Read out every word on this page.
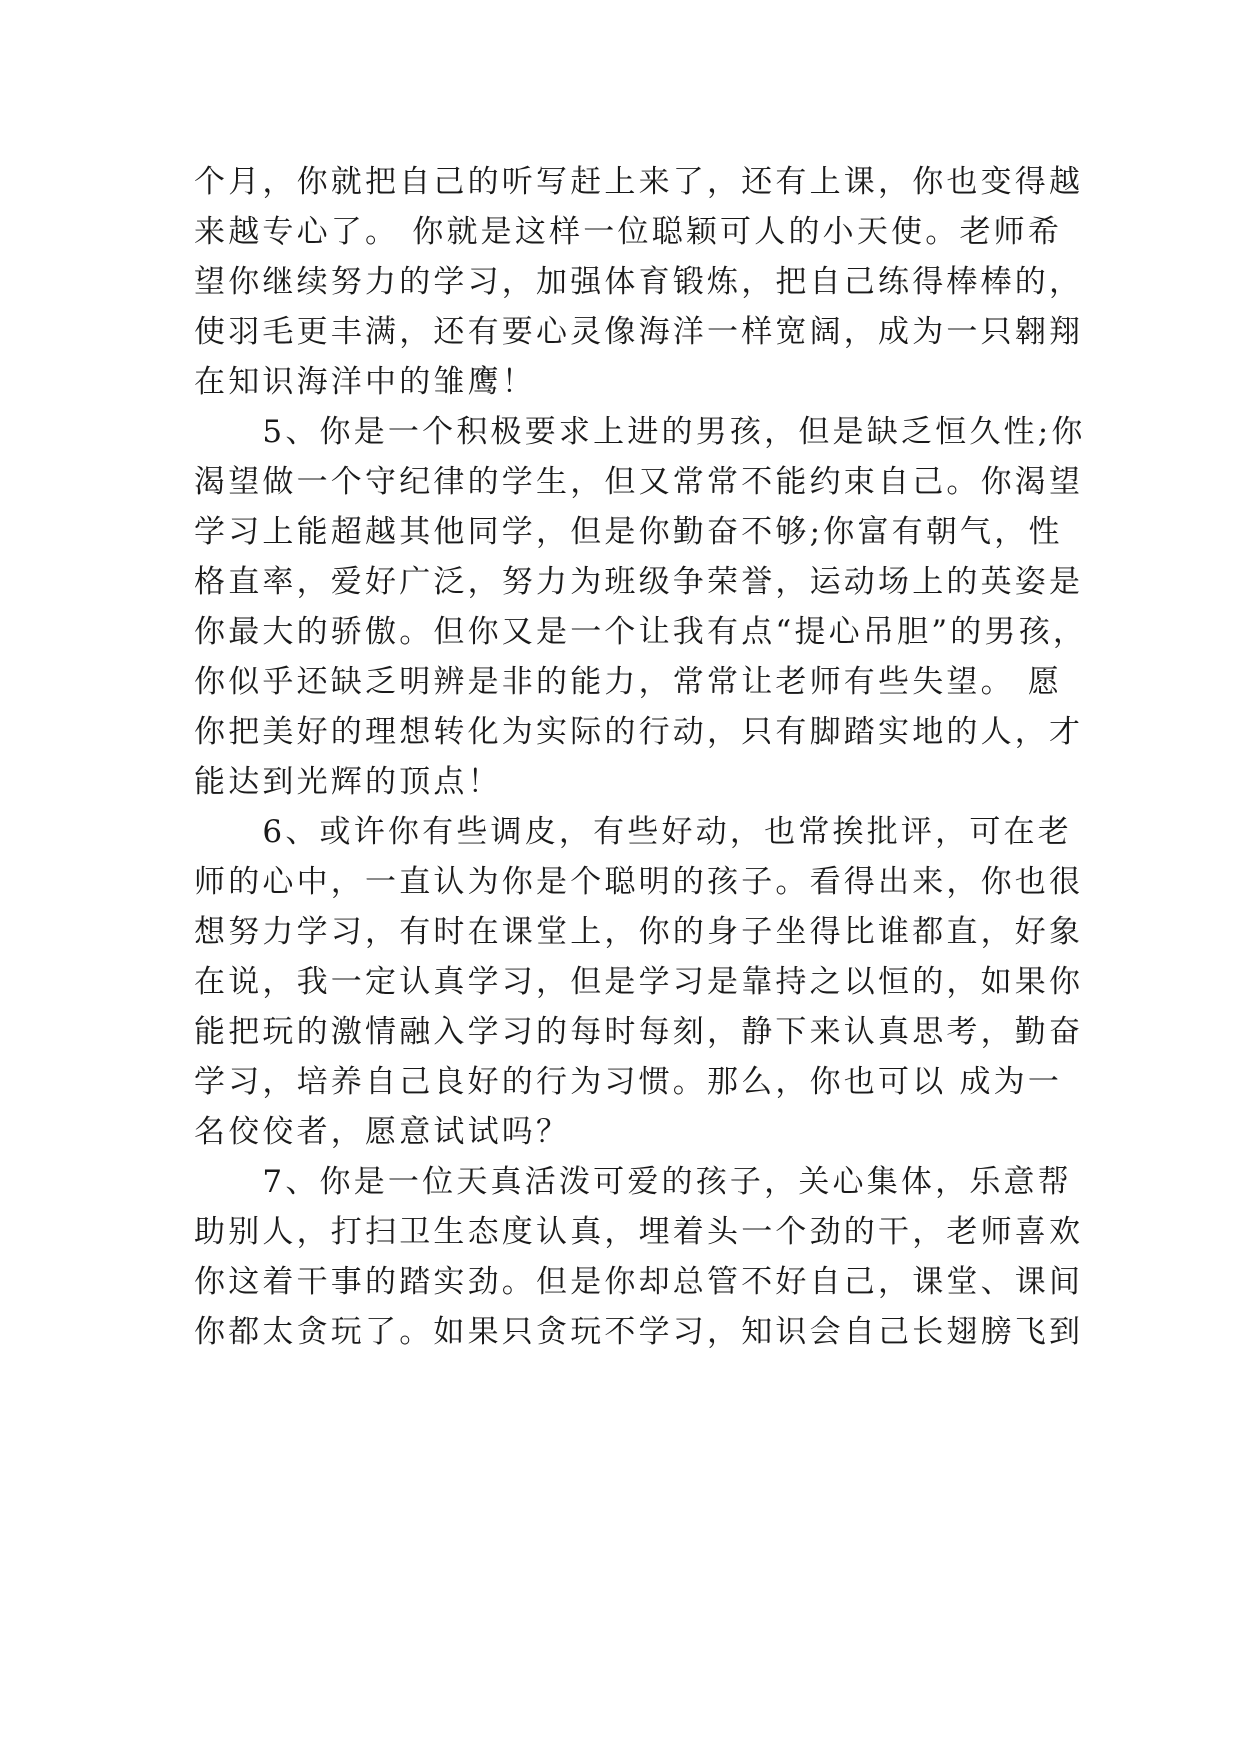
个月，你就把自己的听写赶上来了，还有上课，你也变得越
来越专心了。 你就是这样一位聪颖可人的小天使。老师希
望你继续努力的学习，加强体育锻炼，把自己练得棒棒的，
使羽毛更丰满，还有要心灵像海洋一样宽阔，成为一只翱翔
在知识海洋中的雏鹰！
　　5、你是一个积极要求上进的男孩，但是缺乏恒久性;你
渴望做一个守纪律的学生，但又常常不能约束自己。你渴望
学习上能超越其他同学，但是你勤奋不够;你富有朝气，性
格直率，爱好广泛，努力为班级争荣誉，运动场上的英姿是
你最大的骄傲。但你又是一个让我有点“提心吊胆”的男孩，
你似乎还缺乏明辨是非的能力，常常让老师有些失望。 愿
你把美好的理想转化为实际的行动，只有脚踏实地的人，才
能达到光辉的顶点！
　　6、或许你有些调皮，有些好动，也常挨批评，可在老
师的心中，一直认为你是个聪明的孩子。看得出来，你也很
想努力学习，有时在课堂上，你的身子坐得比谁都直，好象
在说，我一定认真学习，但是学习是靠持之以恒的，如果你
能把玩的激情融入学习的每时每刻，静下来认真思考，勤奋
学习，培养自己良好的行为习惯。那么，你也可以 成为一
名佼佼者，愿意试试吗？
　　7、你是一位天真活泼可爱的孩子，关心集体，乐意帮
助别人，打扫卫生态度认真，埋着头一个劲的干，老师喜欢
你这着干事的踏实劲。但是你却总管不好自己，课堂、课间
你都太贪玩了。如果只贪玩不学习，知识会自己长翅膀飞到
